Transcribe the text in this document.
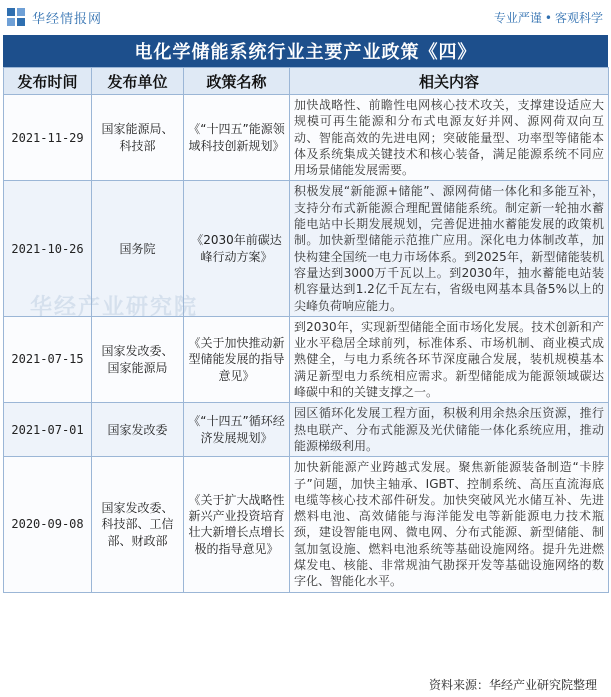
华经情报网	专业严谨 • 客观科学
电化学储能系统行业主要产业政策《四》
发布时间	发布单位	政策名称	相关内容
2021-11-29	国家能源局、科技部	《“十四五”能源领域科技创新规划》	加快战略性、前瞻性电网核心技术攻关，支撑建设适应大规模可再生能源和分布式电源友好并网、源网荷双向互动、智能高效的先进电网；突破能量型、功率型等储能本体及系统集成关键技术和核心装备，满足能源系统不同应用场景储能发展需要。
2021-10-26	国务院	《2030年前碳达峰行动方案》	积极发展“新能源+储能”、源网荷储一体化和多能互补，支持分布式新能源合理配置储能系统。制定新一轮抽水蓄能电站中长期发展规划，完善促进抽水蓄能发展的政策机制。加快新型储能示范推广应用。深化电力体制改革，加快构建全国统一电力市场体系。到2025年，新型储能装机容量达到3000万千瓦以上。到2030年，抽水蓄能电站装机容量达到1.2亿千瓦左右，省级电网基本具备5%以上的尖峰负荷响应能力。
2021-07-15	国家发改委、国家能源局	《关于加快推动新型储能发展的指导意见》	到2030年，实现新型储能全面市场化发展。技术创新和产业水平稳居全球前列，标准体系、市场机制、商业模式成熟健全，与电力系统各环节深度融合发展，装机规模基本满足新型电力系统相应需求。新型储能成为能源领域碳达峰碳中和的关键支撑之一。
2021-07-01	国家发改委	《“十四五”循环经济发展规划》	园区循环化发展工程方面，积极利用余热余压资源，推行热电联产、分布式能源及光伏储能一体化系统应用，推动能源梯级利用。
2020-09-08	国家发改委、科技部、工信部、财政部	《关于扩大战略性新兴产业投资培育壮大新增长点增长极的指导意见》	加快新能源产业跨越式发展。聚焦新能源装备制造“卡脖子”问题，加快主轴承、IGBT、控制系统、高压直流海底电缆等核心技术部件研发。加快突破风光水储互补、先进燃料电池、高效储能与海洋能发电等新能源电力技术瓶颈，建设智能电网、微电网、分布式能源、新型储能、制氢加氢设施、燃料电池系统等基础设施网络。提升先进燃煤发电、核能、非常规油气勘探开发等基础设施网络的数字化、智能化水平。
华经产业研究院
资料来源：华经产业研究院整理
